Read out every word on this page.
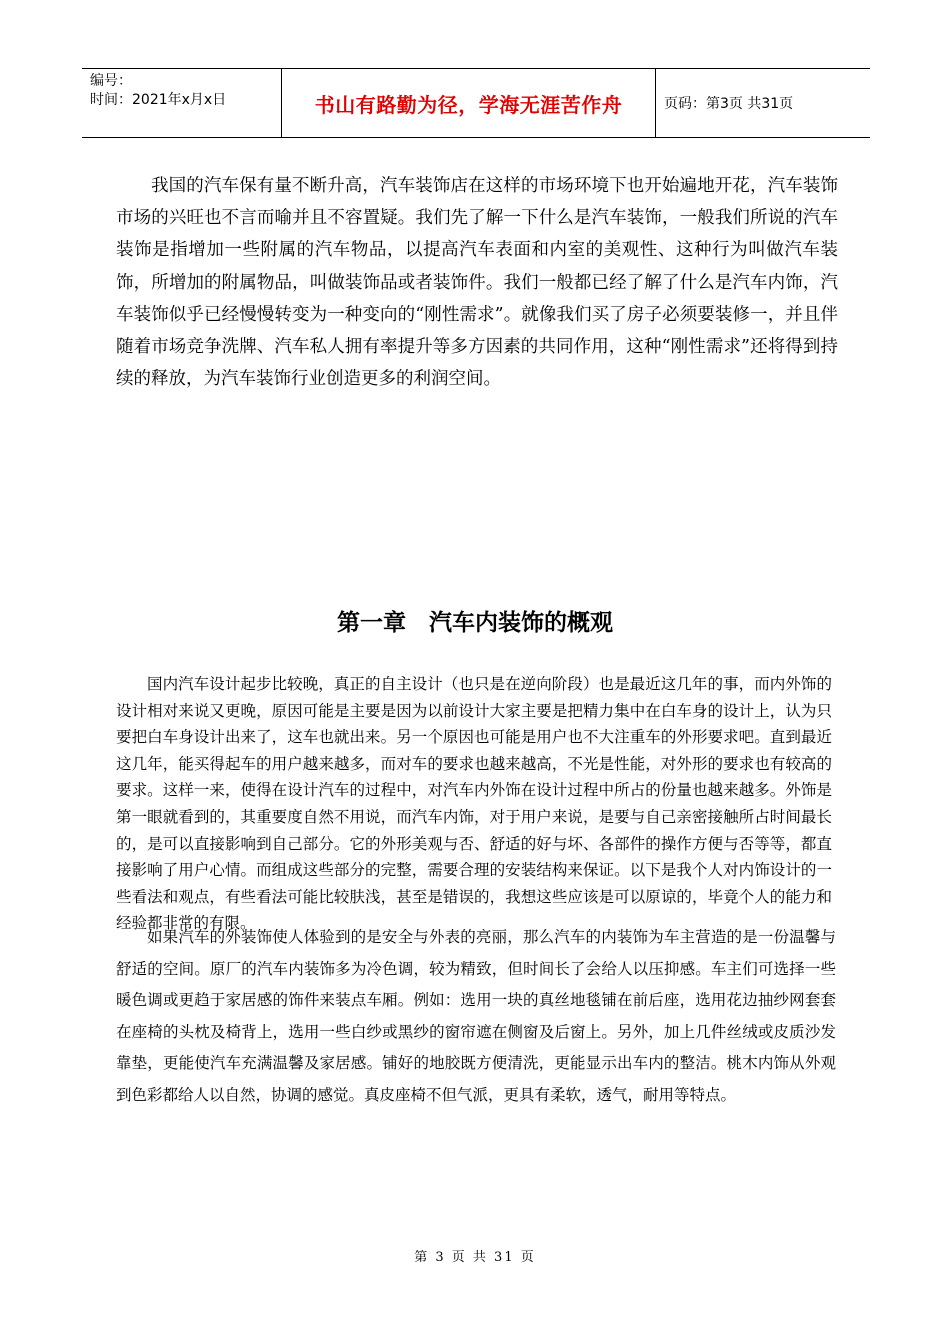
编号：
时间：2021年x月x日	书山有路勤为径，学海无涯苦作舟	页码：第3页 共31页

我国的汽车保有量不断升高，汽车装饰店在这样的市场环境下也开始遍地开花，汽车装饰市场的兴旺也不言而喻并且不容置疑。我们先了解一下什么是汽车装饰，一般我们所说的汽车装饰是指增加一些附属的汽车物品，以提高汽车表面和内室的美观性、这种行为叫做汽车装饰，所增加的附属物品，叫做装饰品或者装饰件。我们一般都已经了解了什么是汽车内饰，汽车装饰似乎已经慢慢转变为一种变向的“刚性需求”。就像我们买了房子必须要装修一，并且伴随着市场竞争洗牌、汽车私人拥有率提升等多方因素的共同作用，这种“刚性需求”还将得到持续的释放，为汽车装饰行业创造更多的利润空间。

第一章　汽车内装饰的概观

国内汽车设计起步比较晚，真正的自主设计（也只是在逆向阶段）也是最近这几年的事，而内外饰的设计相对来说又更晚，原因可能是主要是因为以前设计大家主要是把精力集中在白车身的设计上，认为只要把白车身设计出来了，这车也就出来。另一个原因也可能是用户也不大注重车的外形要求吧。直到最近这几年，能买得起车的用户越来越多，而对车的要求也越来越高，不光是性能，对外形的要求也有较高的要求。这样一来，使得在设计汽车的过程中，对汽车内外饰在设计过程中所占的份量也越来越多。外饰是第一眼就看到的，其重要度自然不用说，而汽车内饰，对于用户来说，是要与自己亲密接触所占时间最长的，是可以直接影响到自己部分。它的外形美观与否、舒适的好与坏、各部件的操作方便与否等等，都直接影响了用户心情。而组成这些部分的完整，需要合理的安装结构来保证。以下是我个人对内饰设计的一些看法和观点，有些看法可能比较肤浅，甚至是错误的，我想这些应该是可以原谅的，毕竟个人的能力和经验都非常的有限。

如果汽车的外装饰使人体验到的是安全与外表的亮丽，那么汽车的内装饰为车主营造的是一份温馨与舒适的空间。原厂的汽车内装饰多为冷色调，较为精致，但时间长了会给人以压抑感。车主们可选择一些暖色调或更趋于家居感的饰件来装点车厢。例如：选用一块的真丝地毯铺在前后座，选用花边抽纱网套套在座椅的头枕及椅背上，选用一些白纱或黑纱的窗帘遮在侧窗及后窗上。另外，加上几件丝绒或皮质沙发靠垫，更能使汽车充满温馨及家居感。铺好的地胶既方便清洗，更能显示出车内的整洁。桃木内饰从外观到色彩都给人以自然，协调的感觉。真皮座椅不但气派，更具有柔软，透气，耐用等特点。

第 3 页 共 31 页
